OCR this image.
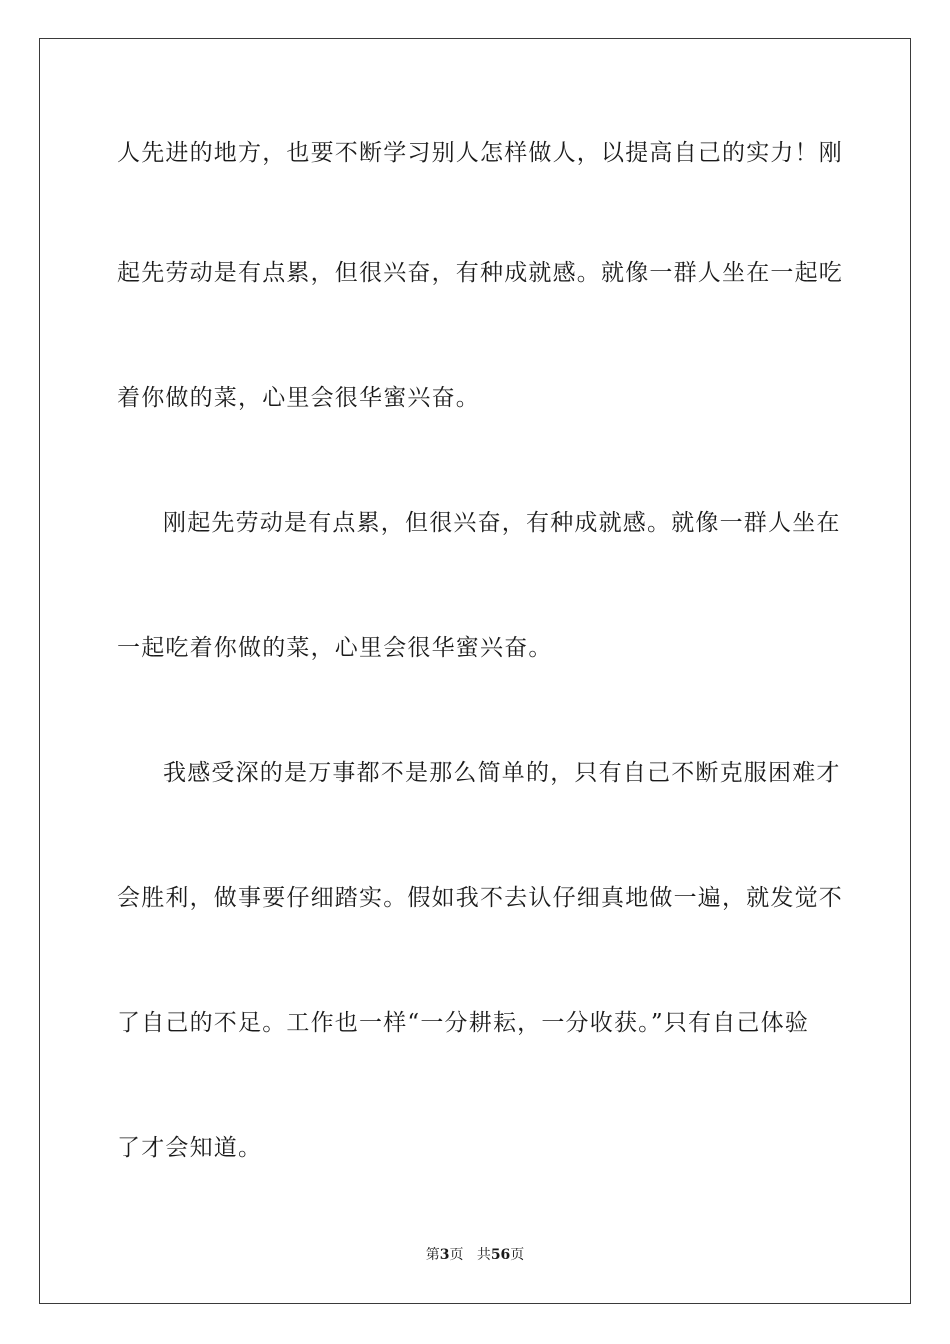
人先进的地方，也要不断学习别人怎样做人，以提高自己的实力！刚
起先劳动是有点累，但很兴奋，有种成就感。就像一群人坐在一起吃
着你做的菜，心里会很华蜜兴奋。
刚起先劳动是有点累，但很兴奋，有种成就感。就像一群人坐在
一起吃着你做的菜，心里会很华蜜兴奋。
我感受深的是万事都不是那么简单的，只有自己不断克服困难才
会胜利，做事要仔细踏实。假如我不去认仔细真地做一遍，就发觉不
了自己的不足。工作也一样“一分耕耘，一分收获。”只有自己体验
了才会知道。
第3页 共56页
